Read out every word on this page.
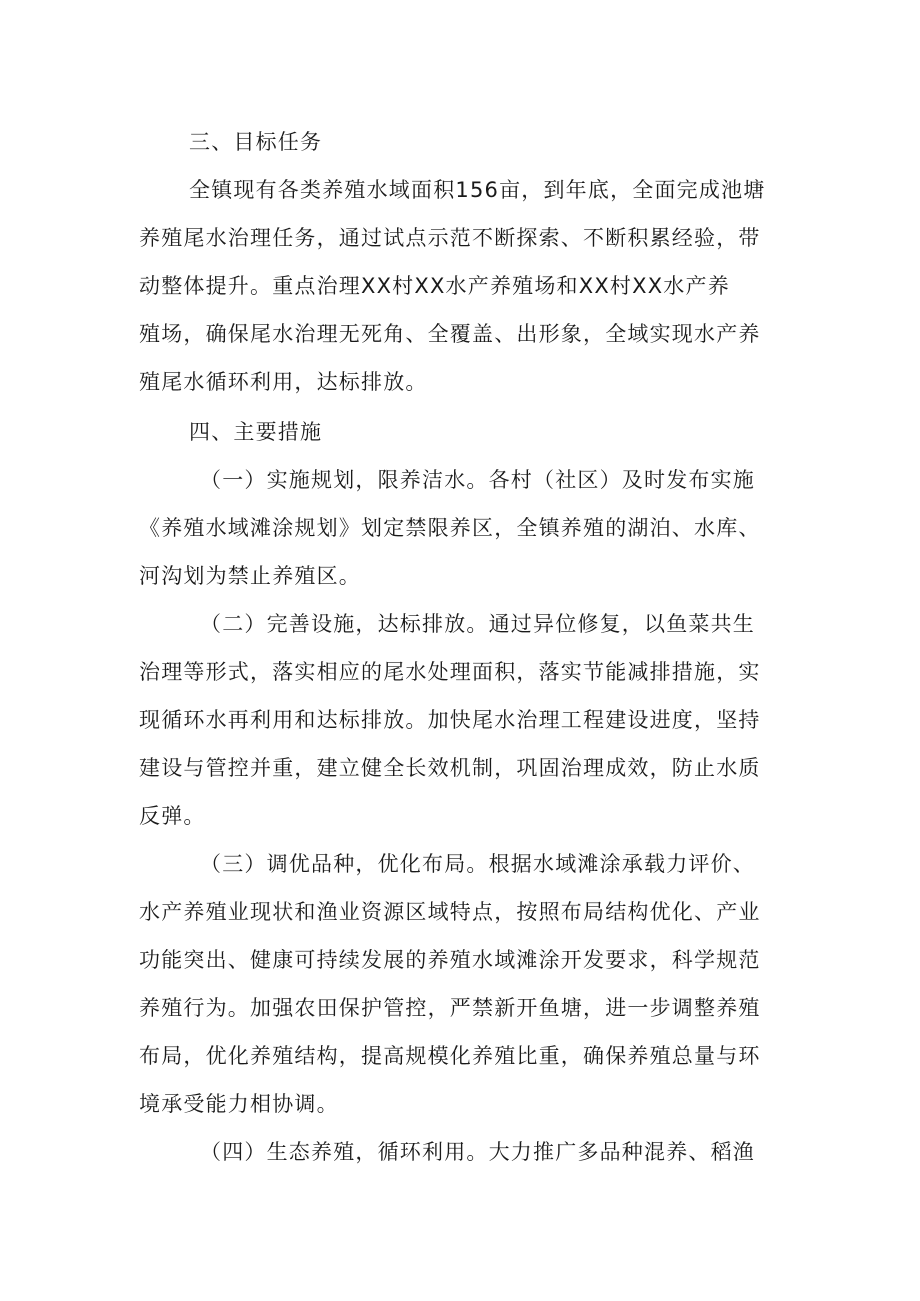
三、目标任务
全镇现有各类养殖水域面积156亩，到年底，全面完成池塘
养殖尾水治理任务，通过试点示范不断探索、不断积累经验，带
动整体提升。重点治理XX村XX水产养殖场和XX村XX水产养
殖场，确保尾水治理无死角、全覆盖、出形象，全域实现水产养
殖尾水循环利用，达标排放。
四、主要措施
（一）实施规划，限养洁水。各村（社区）及时发布实施
《养殖水域滩涂规划》划定禁限养区，全镇养殖的湖泊、水库、
河沟划为禁止养殖区。
（二）完善设施，达标排放。通过异位修复，以鱼菜共生
治理等形式，落实相应的尾水处理面积，落实节能减排措施，实
现循环水再利用和达标排放。加快尾水治理工程建设进度，坚持
建设与管控并重，建立健全长效机制，巩固治理成效，防止水质
反弹。
（三）调优品种，优化布局。根据水域滩涂承载力评价、
水产养殖业现状和渔业资源区域特点，按照布局结构优化、产业
功能突出、健康可持续发展的养殖水域滩涂开发要求，科学规范
养殖行为。加强农田保护管控，严禁新开鱼塘，进一步调整养殖
布局，优化养殖结构，提高规模化养殖比重，确保养殖总量与环
境承受能力相协调。
（四）生态养殖，循环利用。大力推广多品种混养、稻渔
